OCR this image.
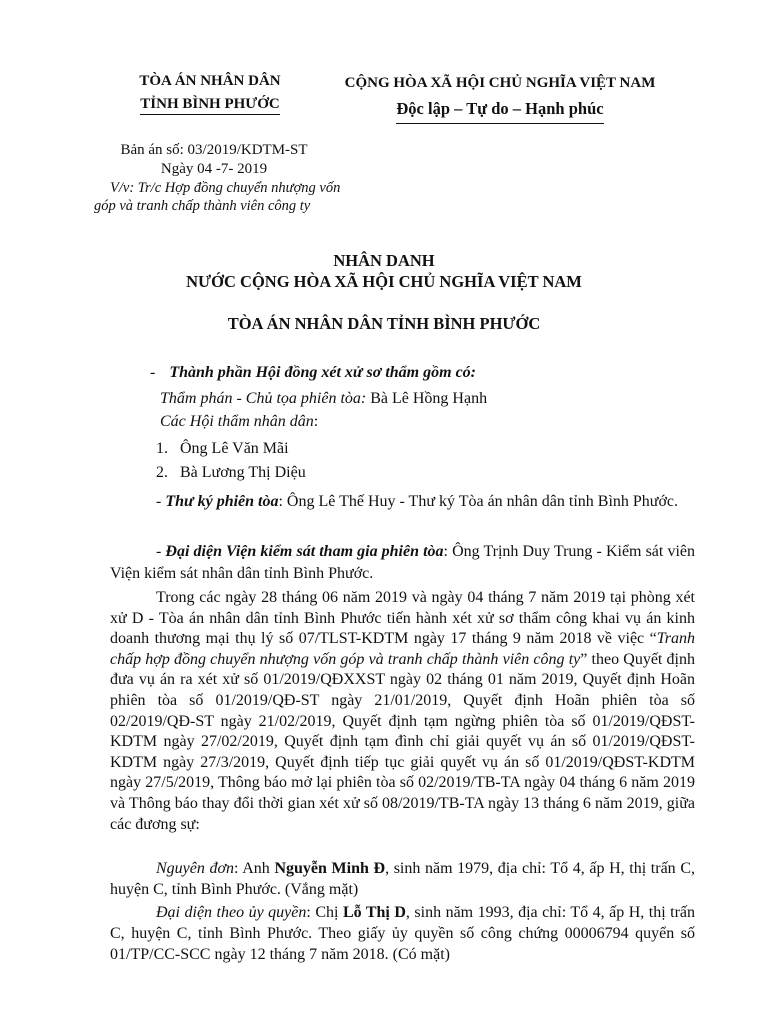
TÒA ÁN NHÂN DÂN
TỈNH BÌNH PHƯỚC
CỘNG HÒA XÃ HỘI CHỦ NGHĨA VIỆT NAM
Độc lập – Tự do – Hạnh phúc
Bản án số: 03/2019/KDTM-ST
Ngày 04 -7- 2019
V/v: Tr/c Hợp đồng chuyển nhượng vốn
góp và tranh chấp thành viên công ty
NHÂN DANH
NƯỚC CỘNG HÒA XÃ HỘI CHỦ NGHĨA VIỆT NAM
TÒA ÁN NHÂN DÂN TỈNH BÌNH PHƯỚC
- Thành phần Hội đồng xét xử sơ thẩm gồm có:
Thẩm phán - Chủ tọa phiên tòa: Bà Lê Hồng Hạnh
Các Hội thẩm nhân dân:
1. Ông Lê Văn Mãi
2. Bà Lương Thị Diệu
- Thư ký phiên tòa: Ông Lê Thế Huy - Thư ký Tòa án nhân dân tỉnh Bình Phước.
- Đại diện Viện kiểm sát tham gia phiên tòa: Ông Trịnh Duy Trung - Kiểm sát viên Viện kiểm sát nhân dân tỉnh Bình Phước.
Trong các ngày 28 tháng 06 năm 2019 và ngày 04 tháng 7 năm 2019 tại phòng xét xử D - Tòa án nhân dân tỉnh Bình Phước tiến hành xét xử sơ thẩm công khai vụ án kinh doanh thương mại thụ lý số 07/TLST-KDTM ngày 17 tháng 9 năm 2018 về việc “Tranh chấp hợp đồng chuyển nhượng vốn góp và tranh chấp thành viên công ty” theo Quyết định đưa vụ án ra xét xử số 01/2019/QĐXXST ngày 02 tháng 01 năm 2019, Quyết định Hoãn phiên tòa số 01/2019/QĐ-ST ngày 21/01/2019, Quyết định Hoãn phiên tòa số 02/2019/QĐ-ST ngày 21/02/2019, Quyết định tạm ngừng phiên tòa số 01/2019/QĐST-KDTM ngày 27/02/2019, Quyết định tạm đình chỉ giải quyết vụ án số 01/2019/QĐST-KDTM ngày 27/3/2019, Quyết định tiếp tục giải quyết vụ án số 01/2019/QĐST-KDTM ngày 27/5/2019, Thông báo mở lại phiên tòa số 02/2019/TB-TA ngày 04 tháng 6 năm 2019 và Thông báo thay đổi thời gian xét xử số 08/2019/TB-TA ngày 13 tháng 6 năm 2019, giữa các đương sự:
Nguyên đơn: Anh Nguyễn Minh Đ, sinh năm 1979, địa chỉ: Tổ 4, ấp H, thị trấn C, huyện C, tỉnh Bình Phước. (Vắng mặt)
Đại diện theo ủy quyền: Chị Lỗ Thị D, sinh năm 1993, địa chỉ: Tổ 4, ấp H, thị trấn C, huyện C, tỉnh Bình Phước. Theo giấy ủy quyền số công chứng 00006794 quyển số 01/TP/CC-SCC ngày 12 tháng 7 năm 2018. (Có mặt)
